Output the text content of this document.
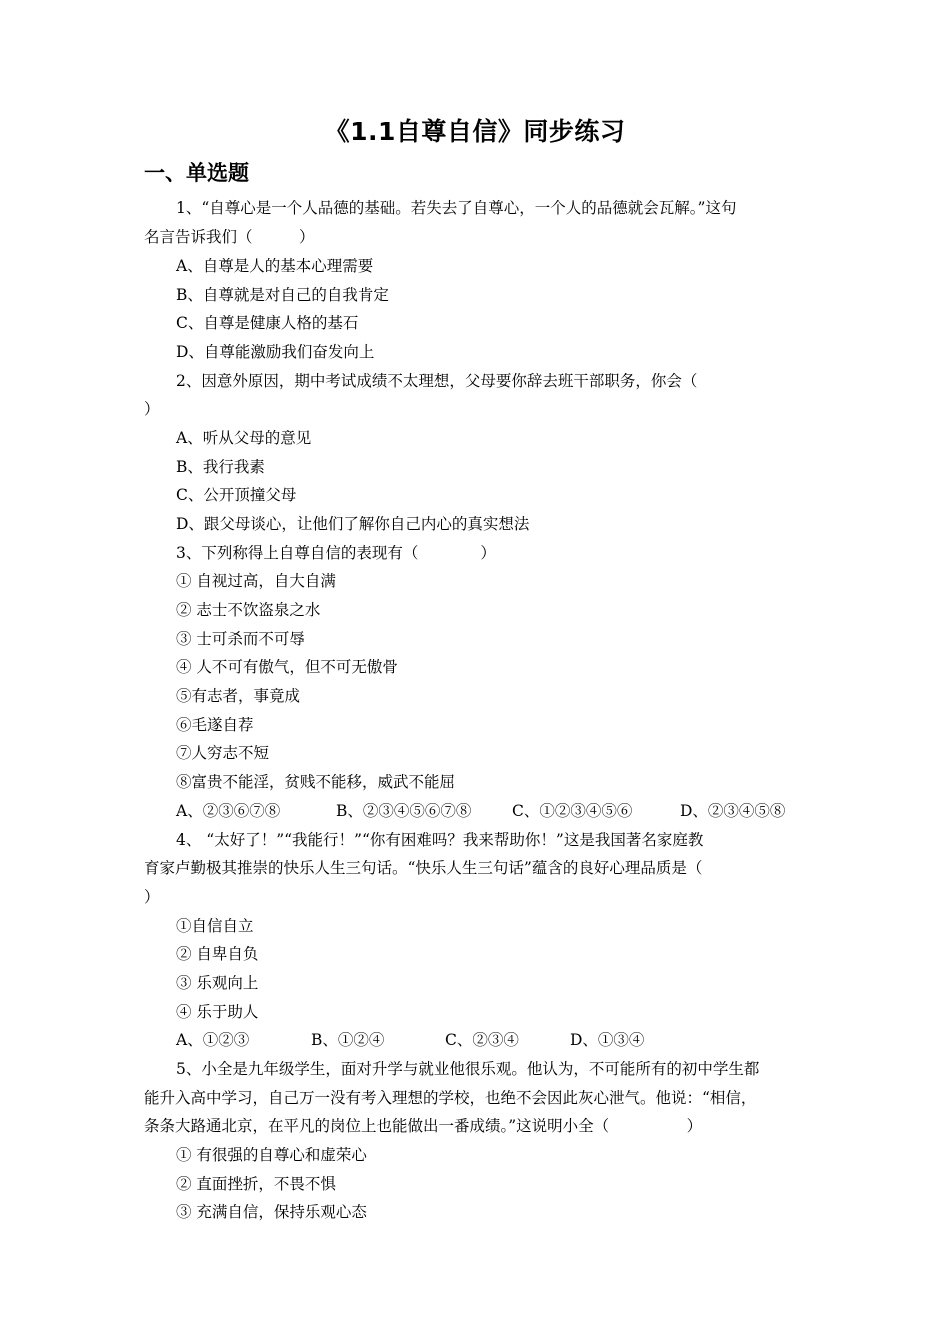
《1.1自尊自信》同步练习
一、单选题
1、“自尊心是一个人品德的基础。若失去了自尊心，一个人的品德就会瓦解。”这句
名言告诉我们（　　　）
A、自尊是人的基本心理需要
B、自尊就是对自己的自我肯定
C、自尊是健康人格的基石
D、自尊能激励我们奋发向上
2、因意外原因，期中考试成绩不太理想，父母要你辞去班干部职务，你会（
）
A、听从父母的意见
B、我行我素
C、公开顶撞父母
D、跟父母谈心，让他们了解你自己内心的真实想法
3、下列称得上自尊自信的表现有（　　　　）
① 自视过高，自大自满
② 志士不饮盗泉之水
③ 士可杀而不可辱
④ 人不可有傲气，但不可无傲骨
⑤有志者，事竟成
⑥毛遂自荐
⑦人穷志不短
⑧富贵不能淫，贫贱不能移，威武不能屈
A、②③⑥⑦⑧	B、②③④⑤⑥⑦⑧	C、①②③④⑤⑥	D、②③④⑤⑧
4、 “太好了！”“我能行！”“你有困难吗？我来帮助你！”这是我国著名家庭教
育家卢勤极其推崇的快乐人生三句话。“快乐人生三句话”蕴含的良好心理品质是（
）
①自信自立
② 自卑自负
③ 乐观向上
④ 乐于助人
A、①②③	B、①②④	C、②③④	D、①③④
5、小全是九年级学生，面对升学与就业他很乐观。他认为，不可能所有的初中学生都
能升入高中学习，自己万一没有考入理想的学校，也绝不会因此灰心泄气。他说：“相信，
条条大路通北京，在平凡的岗位上也能做出一番成绩。”这说明小全（　　　　　）
① 有很强的自尊心和虚荣心
② 直面挫折，不畏不惧
③ 充满自信，保持乐观心态
